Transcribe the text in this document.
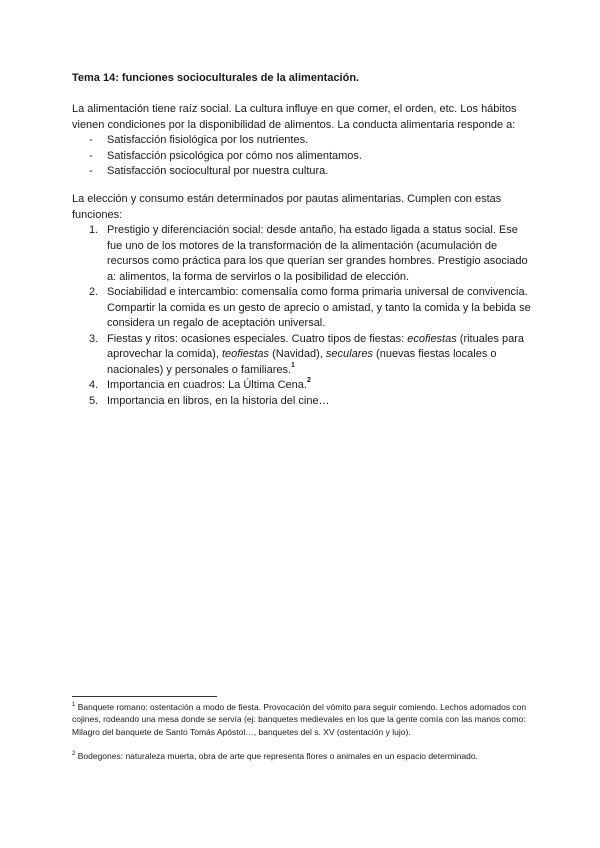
Tema 14: funciones socioculturales de la alimentación.
La alimentación tiene raíz social. La cultura influye en que comer, el orden, etc. Los hábitos vienen condiciones por la disponibilidad de alimentos. La conducta alimentaria responde a:
- Satisfacción fisiológica por los nutrientes.
- Satisfacción psicológica por cómo nos alimentamos.
- Satisfacción sociocultural por nuestra cultura.
La elección y consumo están determinados por pautas alimentarias. Cumplen con estas funciones:
1. Prestigio y diferenciación social: desde antaño, ha estado ligada a status social. Ese fue uno de los motores de la transformación de la alimentación (acumulación de recursos como práctica para los que querían ser grandes hombres. Prestigio asociado a: alimentos, la forma de servirlos o la posibilidad de elección.
2. Sociabilidad e intercambio: comensalía como forma primaria universal de convivencia. Compartir la comida es un gesto de aprecio o amistad, y tanto la comida y la bebida se considera un regalo de aceptación universal.
3. Fiestas y ritos: ocasiones especiales. Cuatro tipos de fiestas: ecofiestas (rituales para aprovechar la comida), teofiestas (Navidad), seculares (nuevas fiestas locales o nacionales) y personales o familiares.$^1$
4. Importancia en cuadros: La Última Cena.$^2$
5. Importancia en libros, en la historia del cine…
$^1$ Banquete romano: ostentación a modo de fiesta. Provocación del vómito para seguir comiendo. Lechos adornados con cojines, rodeando una mesa donde se servía (ej: banquetes medievales en los que la gente comía con las manos como: Milagro del banquete de Santo Tomás Apóstol…, banquetes del s. XV (ostentación y lujo).
$^2$ Bodegones: naturaleza muerta, obra de arte que representa flores o animales en un espacio determinado.
